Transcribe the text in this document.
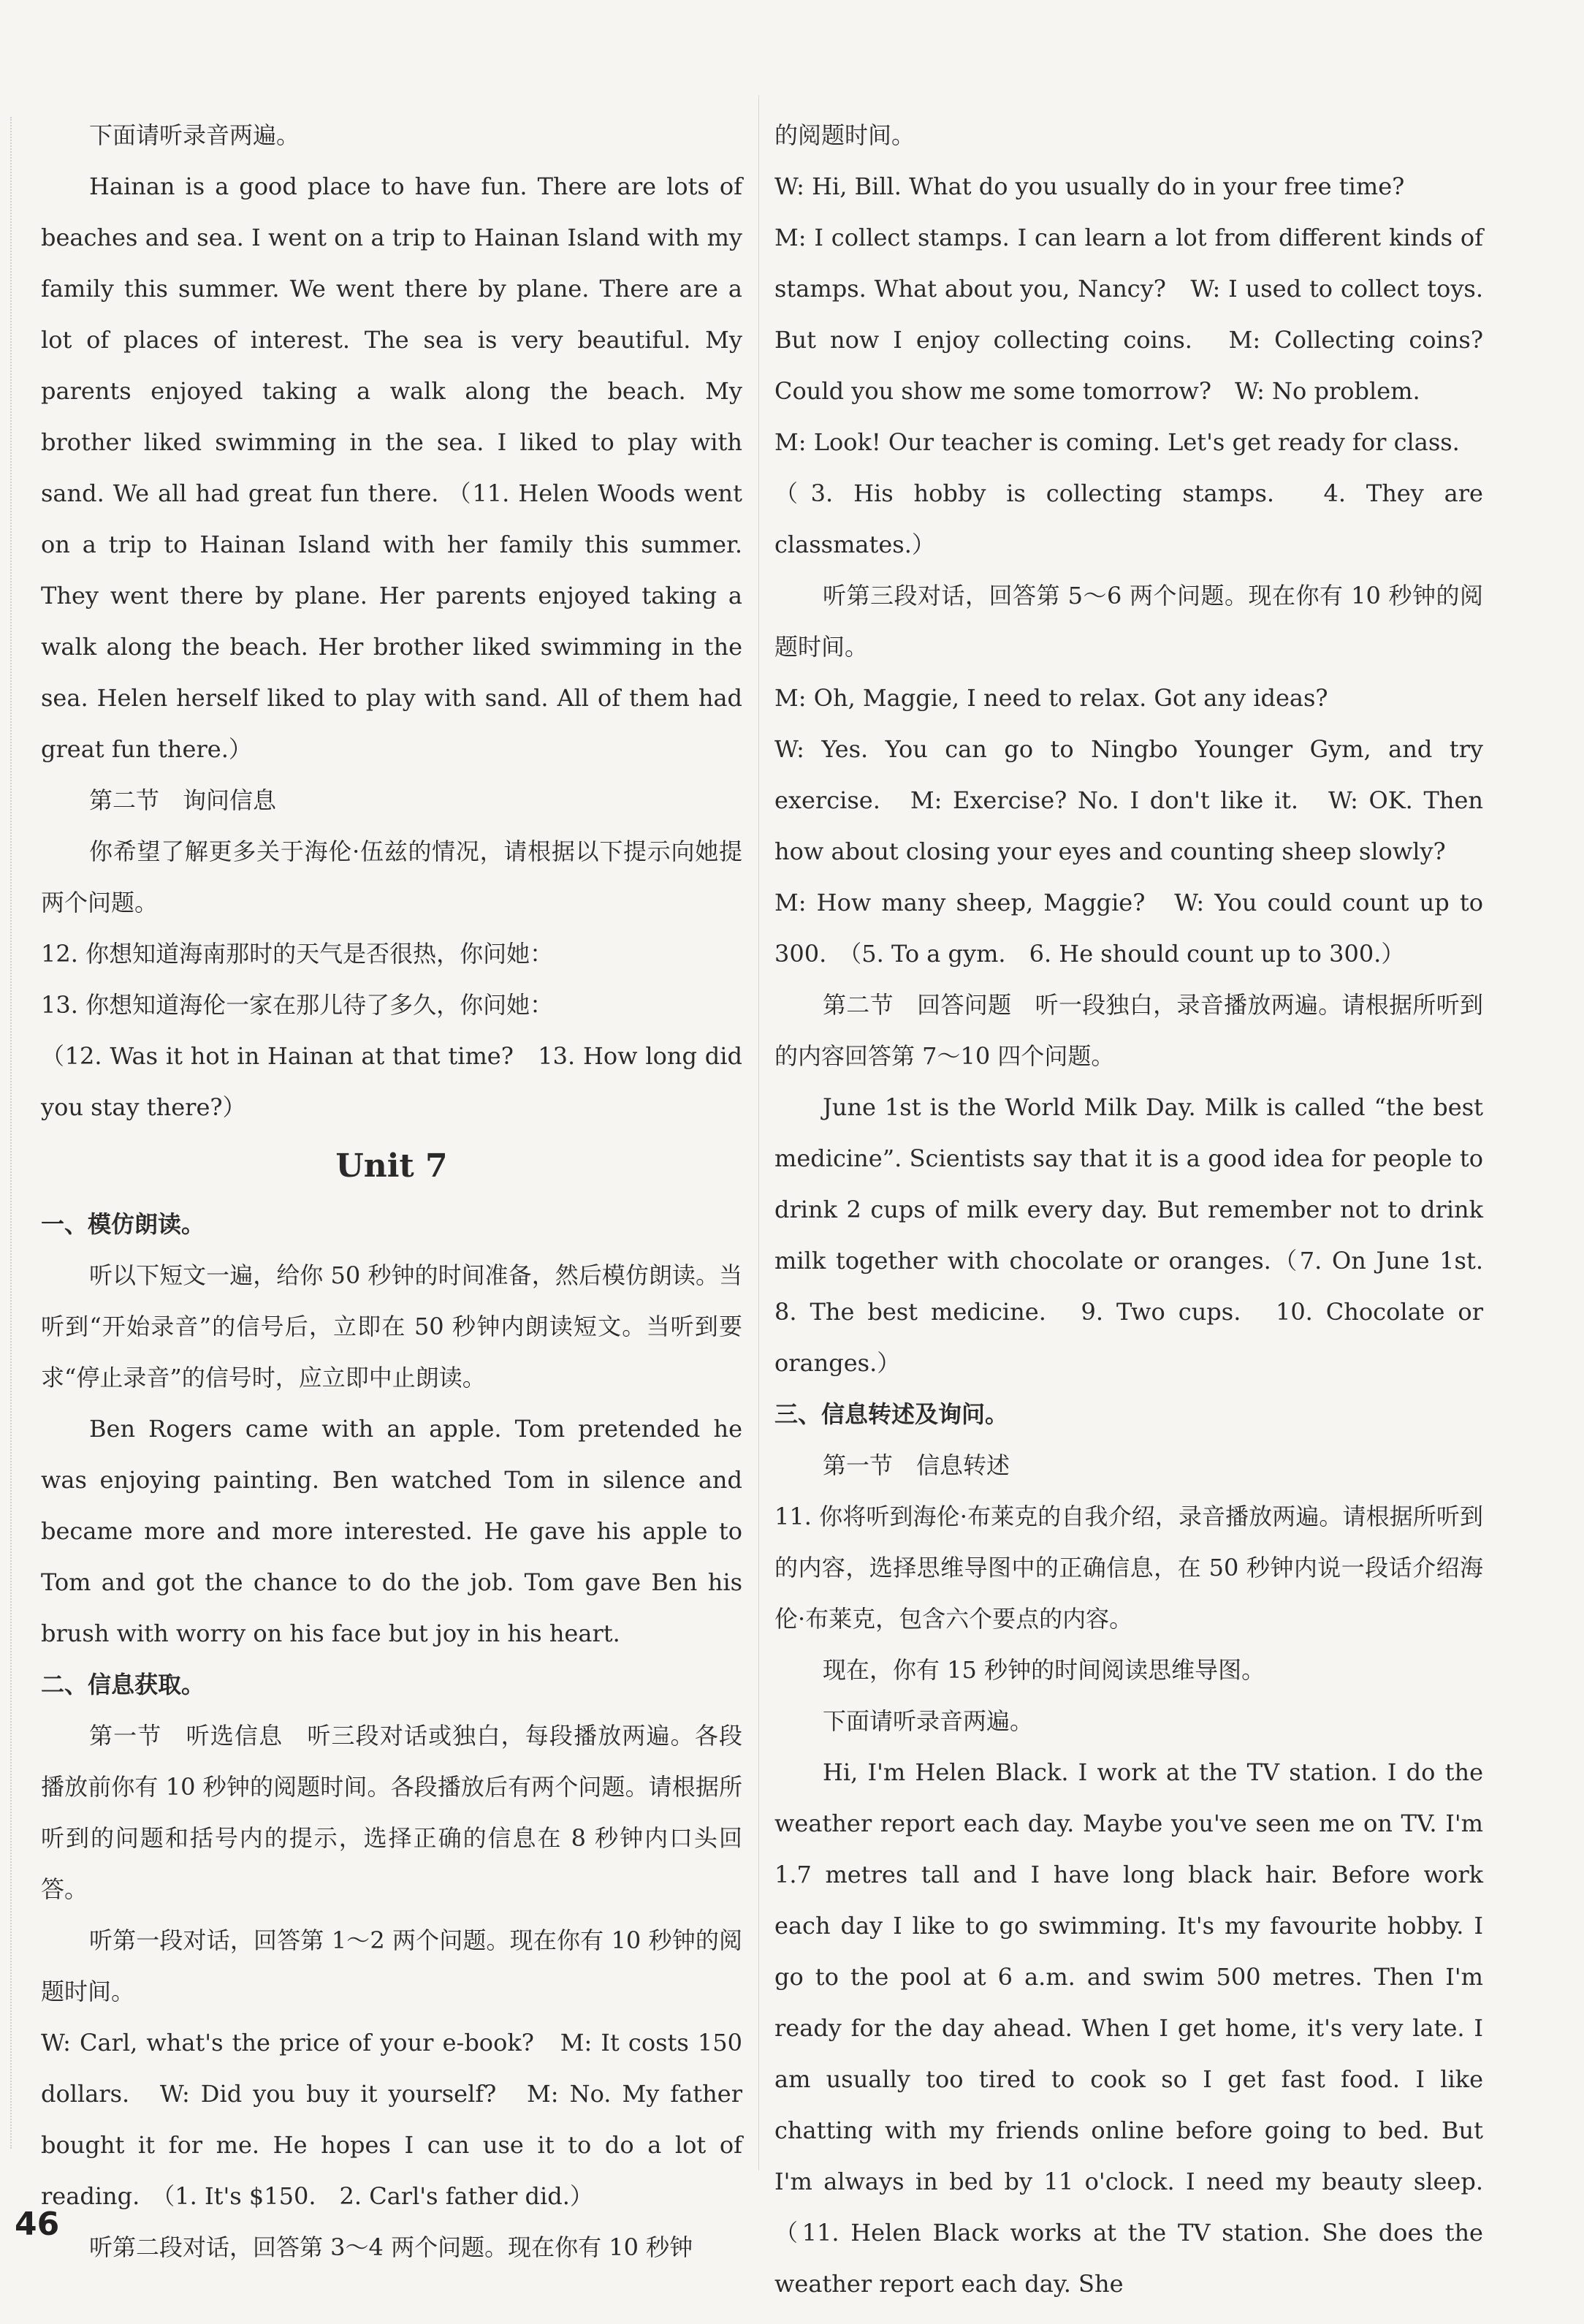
下面请听录音两遍。

Hainan is a good place to have fun. There are lots of beaches and sea. I went on a trip to Hainan Island with my family this summer. We went there by plane. There are a lot of places of interest. The sea is very beautiful. My parents enjoyed taking a walk along the beach. My brother liked swimming in the sea. I liked to play with sand. We all had great fun there. （11. Helen Woods went on a trip to Hainan Island with her family this summer. They went there by plane. Her parents enjoyed taking a walk along the beach. Her brother liked swimming in the sea. Helen herself liked to play with sand. All of them had great fun there.）

第二节　询问信息

你希望了解更多关于海伦·伍兹的情况，请根据以下提示向她提两个问题。

12. 你想知道海南那时的天气是否很热，你问她：

13. 你想知道海伦一家在那儿待了多久，你问她：

（12. Was it hot in Hainan at that time?　13. How long did you stay there?）

Unit 7

一、模仿朗读。

听以下短文一遍，给你 50 秒钟的时间准备，然后模仿朗读。当听到“开始录音”的信号后，立即在 50 秒钟内朗读短文。当听到要求“停止录音”的信号时，应立即中止朗读。

Ben Rogers came with an apple. Tom pretended he was enjoying painting. Ben watched Tom in silence and became more and more interested. He gave his apple to Tom and got the chance to do the job. Tom gave Ben his brush with worry on his face but joy in his heart.

二、信息获取。

第一节　听选信息　听三段对话或独白，每段播放两遍。各段播放前你有 10 秒钟的阅题时间。各段播放后有两个问题。请根据所听到的问题和括号内的提示，选择正确的信息在 8 秒钟内口头回答。

听第一段对话，回答第 1～2 两个问题。现在你有 10 秒钟的阅题时间。

W: Carl, what's the price of your e-book?　M: It costs 150 dollars.　W: Did you buy it yourself?　M: No. My father bought it for me. He hopes I can use it to do a lot of reading.　（1. It's $150.　2. Carl's father did.）

听第二段对话，回答第 3～4 两个问题。现在你有 10 秒钟

的阅题时间。

W: Hi, Bill. What do you usually do in your free time?

M: I collect stamps. I can learn a lot from different kinds of stamps. What about you, Nancy?　W: I used to collect toys. But now I enjoy collecting coins.　M: Collecting coins? Could you show me some tomorrow?　W: No problem.

M: Look! Our teacher is coming. Let's get ready for class.

（3. His hobby is collecting stamps.　4. They are classmates.）

听第三段对话，回答第 5～6 两个问题。现在你有 10 秒钟的阅题时间。

M: Oh, Maggie, I need to relax. Got any ideas?

W: Yes. You can go to Ningbo Younger Gym, and try exercise.　M: Exercise? No. I don't like it.　W: OK. Then how about closing your eyes and counting sheep slowly?

M: How many sheep, Maggie?　W: You could count up to 300.　（5. To a gym.　6. He should count up to 300.）

第二节　回答问题　听一段独白，录音播放两遍。请根据所听到的内容回答第 7～10 四个问题。

June 1st is the World Milk Day. Milk is called “the best medicine”. Scientists say that it is a good idea for people to drink 2 cups of milk every day. But remember not to drink milk together with chocolate or oranges.（7. On June 1st.　8. The best medicine.　9. Two cups.　10. Chocolate or oranges.）

三、信息转述及询问。

第一节　信息转述

11. 你将听到海伦·布莱克的自我介绍，录音播放两遍。请根据所听到的内容，选择思维导图中的正确信息，在 50 秒钟内说一段话介绍海伦·布莱克，包含六个要点的内容。

现在，你有 15 秒钟的时间阅读思维导图。

下面请听录音两遍。

Hi, I'm Helen Black. I work at the TV station. I do the weather report each day. Maybe you've seen me on TV. I'm 1.7 metres tall and I have long black hair. Before work each day I like to go swimming. It's my favourite hobby. I go to the pool at 6 a.m. and swim 500 metres. Then I'm ready for the day ahead. When I get home, it's very late. I am usually too tired to cook so I get fast food. I like chatting with my friends online before going to bed. But I'm always in bed by 11 o'clock. I need my beauty sleep.（11. Helen Black works at the TV station. She does the weather report each day. She

46
